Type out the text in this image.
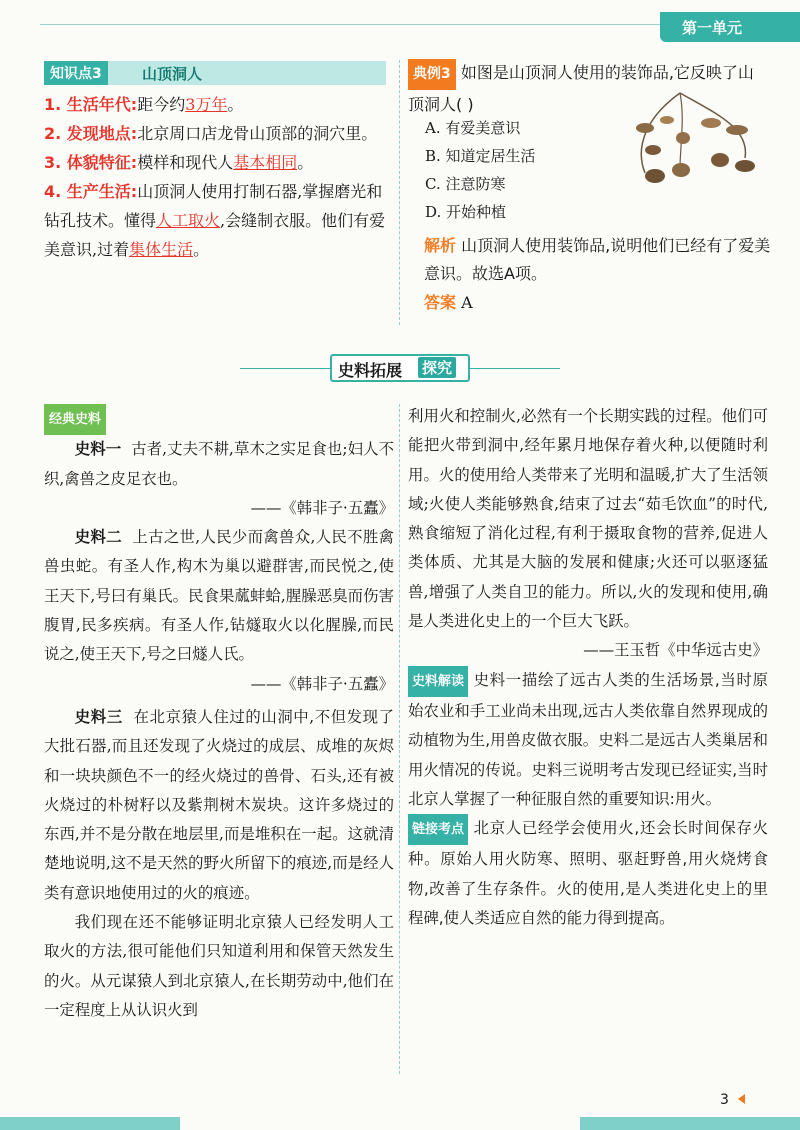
第一单元
知识点3	山顶洞人

1. 生活年代:距今约3万年。

2. 发现地点:北京周口店龙骨山顶部的洞穴里。

3. 体貌特征:模样和现代人基本相同。

4. 生产生活:山顶洞人使用打制石器,掌握磨光和钻孔技术。懂得人工取火,会缝制衣服。他们有爱美意识,过着集体生活。

典例3 如图是山顶洞人使用的装饰品,它反映了山顶洞人( )
A. 有爱美意识
B. 知道定居生活
C. 注意防寒
D. 开始种植
解析 山顶洞人使用装饰品,说明他们已经有了爱美意识。故选A项。
答案 A
史料拓展 探究

经典史料

史料一 古者,丈夫不耕,草木之实足食也;妇人不织,禽兽之皮足衣也。

——《韩非子·五蠹》

史料二 上古之世,人民少而禽兽众,人民不胜禽兽虫蛇。有圣人作,构木为巢以避群害,而民悦之,使王天下,号曰有巢氏。民食果蓏蚌蛤,腥臊恶臭而伤害腹胃,民多疾病。有圣人作,钻燧取火以化腥臊,而民说之,使王天下,号之曰燧人氏。

——《韩非子·五蠹》

史料三 在北京猿人住过的山洞中,不但发现了大批石器,而且还发现了火烧过的成层、成堆的灰烬和一块块颜色不一的经火烧过的兽骨、石头,还有被火烧过的朴树籽以及紫荆树木炭块。这许多烧过的东西,并不是分散在地层里,而是堆积在一起。这就清楚地说明,这不是天然的野火所留下的痕迹,而是经人类有意识地使用过的火的痕迹。

我们现在还不能够证明北京猿人已经发明人工取火的方法,很可能他们只知道利用和保管天然发生的火。从元谋猿人到北京猿人,在长期劳动中,他们在一定程度上从认识火到

利用火和控制火,必然有一个长期实践的过程。他们可能把火带到洞中,经年累月地保存着火种,以便随时利用。火的使用给人类带来了光明和温暖,扩大了生活领域;火使人类能够熟食,结束了过去“茹毛饮血”的时代,熟食缩短了消化过程,有利于摄取食物的营养,促进人类体质、尤其是大脑的发展和健康;火还可以驱逐猛兽,增强了人类自卫的能力。所以,火的发现和使用,确是人类进化史上的一个巨大飞跃。

——王玉哲《中华远古史》

史料解读 史料一描绘了远古人类的生活场景,当时原始农业和手工业尚未出现,远古人类依靠自然界现成的动植物为生,用兽皮做衣服。史料二是远古人类巢居和用火情况的传说。史料三说明考古发现已经证实,当时北京人掌握了一种征服自然的重要知识:用火。

链接考点 北京人已经学会使用火,还会长时间保存火种。原始人用火防寒、照明、驱赶野兽,用火烧烤食物,改善了生存条件。火的使用,是人类进化史上的里程碑,使人类适应自然的能力得到提高。

3
